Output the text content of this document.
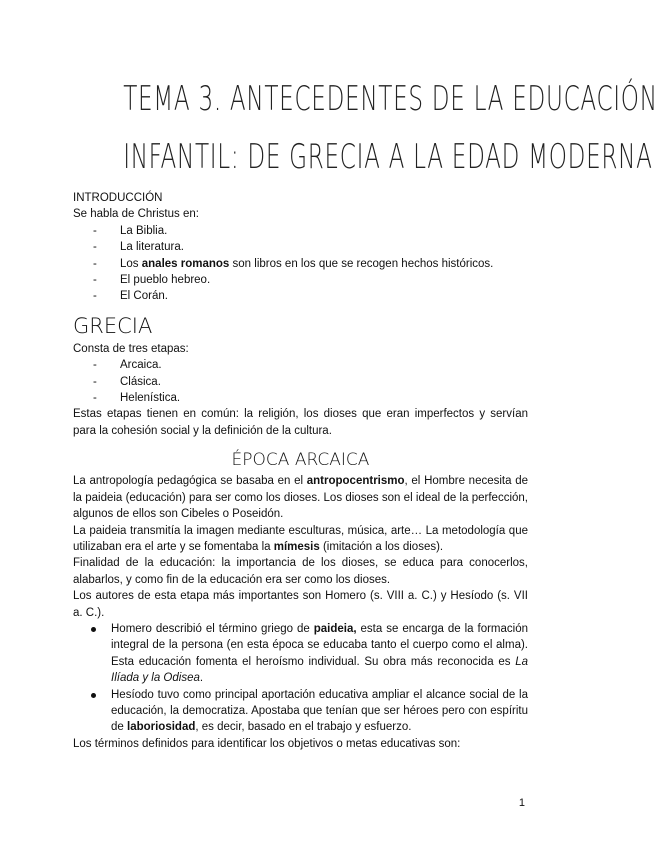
TEMA 3. ANTECEDENTES DE LA EDUCACIÓN
INFANTIL: DE GRECIA A LA EDAD MODERNA

INTRODUCCIÓN

Se habla de Christus en:

- La Biblia.
- La literatura.
- Los anales romanos son libros en los que se recogen hechos históricos.
- El pueblo hebreo.
- El Corán.
GRECIA

Consta de tres etapas:

- Arcaica.
- Clásica.
- Helenística.

Estas etapas tienen en común: la religión, los dioses que eran imperfectos y servían para la cohesión social y la definición de la cultura.

ÉPOCA ARCAICA

La antropología pedagógica se basaba en el antropocentrismo, el Hombre necesita de la paideia (educación) para ser como los dioses. Los dioses son el ideal de la perfección, algunos de ellos son Cibeles o Poseidón.

La paideia transmitía la imagen mediante esculturas, música, arte… La metodología que utilizaban era el arte y se fomentaba la mímesis (imitación a los dioses).

Finalidad de la educación: la importancia de los dioses, se educa para conocerlos, alabarlos, y como fin de la educación era ser como los dioses.

Los autores de esta etapa más importantes son Homero (s. VIII a. C.) y Hesíodo (s. VII a. C.).

Homero describió el término griego de paideia, esta se encarga de la formación integral de la persona (en esta época se educaba tanto el cuerpo como el alma). Esta educación fomenta el heroísmo individual. Su obra más reconocida es La Ilíada y la Odisea.
Hesíodo tuvo como principal aportación educativa ampliar el alcance social de la educación, la democratiza. Apostaba que tenían que ser héroes pero con espíritu de laboriosidad, es decir, basado en el trabajo y esfuerzo.

Los términos definidos para identificar los objetivos o metas educativas son:

1
